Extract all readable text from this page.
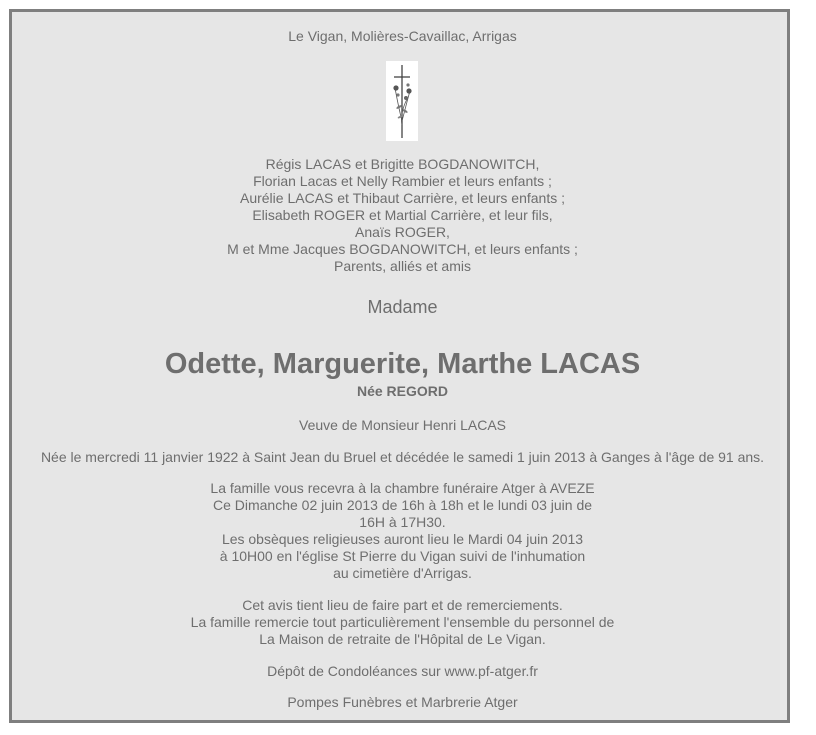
Le Vigan, Molières-Cavaillac, Arrigas
Régis LACAS et Brigitte BOGDANOWITCH,
Florian Lacas et Nelly Rambier et leurs enfants ;
Aurélie LACAS et Thibaut Carrière, et leurs enfants ;
Elisabeth ROGER et Martial Carrière, et leur fils,
Anaïs ROGER,
M et Mme Jacques BOGDANOWITCH, et leurs enfants ;
Parents, alliés et amis
Madame
Odette, Marguerite, Marthe LACAS
Née REGORD
Veuve de Monsieur Henri LACAS
Née le mercredi 11 janvier 1922 à Saint Jean du Bruel et décédée le samedi 1 juin 2013 à Ganges à l'âge de 91 ans.
La famille vous recevra à la chambre funéraire Atger à AVEZE
Ce Dimanche 02 juin 2013 de 16h à 18h et le lundi 03 juin de
16H à 17H30.
Les obsèques religieuses auront lieu le Mardi 04 juin 2013
à 10H00 en l'église St Pierre du Vigan suivi de l'inhumation
au cimetière d'Arrigas.
Cet avis tient lieu de faire part et de remerciements.
La famille remercie tout particulièrement l'ensemble du personnel de
La Maison de retraite de l'Hôpital de Le Vigan.
Dépôt de Condoléances sur www.pf-atger.fr
Pompes Funèbres et Marbrerie Atger
